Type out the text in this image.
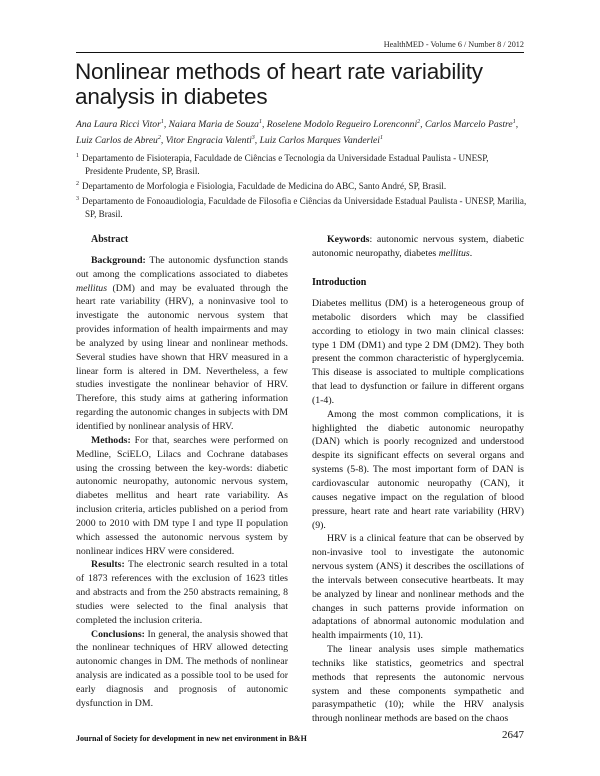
HealthMED - Volume 6 / Number 8 / 2012
Nonlinear methods of heart rate variability analysis in diabetes
Ana Laura Ricci Vitor$^1$, Naiara Maria de Souza$^1$, Roselene Modolo Regueiro Lorenconni$^2$, Carlos Marcelo Pastre$^1$, Luiz Carlos de Abreu$^2$, Vitor Engracia Valenti$^3$, Luiz Carlos Marques Vanderlei$^1$
$^1$ Departamento de Fisioterapia, Faculdade de Ciências e Tecnologia da Universidade Estadual Paulista - UNESP, Presidente Prudente, SP, Brasil.
$^2$ Departamento de Morfologia e Fisiologia, Faculdade de Medicina do ABC, Santo André, SP, Brasil.
$^3$ Departamento de Fonoaudiologia, Faculdade de Filosofia e Ciências da Universidade Estadual Paulista - UNESP, Marilia, SP, Brasil.
Abstract

Background: The autonomic dysfunction stands out among the complications associated to diabetes mellitus (DM) and may be evaluated through the heart rate variability (HRV), a noninvasive tool to investigate the autonomic nervous system that provides information of health impairments and may be analyzed by using linear and nonlinear methods. Several studies have shown that HRV measured in a linear form is altered in DM. Nevertheless, a few studies investigate the nonlinear behavior of HRV. Therefore, this study aims at gathering information regarding the autonomic changes in subjects with DM identified by nonlinear analysis of HRV.

Methods: For that, searches were performed on Medline, SciELO, Lilacs and Cochrane databases using the crossing between the key-words: diabetic autonomic neuropathy, autonomic nervous system, diabetes mellitus and heart rate variability. As inclusion criteria, articles published on a period from 2000 to 2010 with DM type I and type II population which assessed the autonomic nervous system by nonlinear indices HRV were considered.

Results: The electronic search resulted in a total of 1873 references with the exclusion of 1623 titles and abstracts and from the 250 abstracts remaining, 8 studies were selected to the final analysis that completed the inclusion criteria.

Conclusions: In general, the analysis showed that the nonlinear techniques of HRV allowed detecting autonomic changes in DM. The methods of nonlinear analysis are indicated as a possible tool to be used for early diagnosis and prognosis of autonomic dysfunction in DM.

Keywords: autonomic nervous system, diabetic autonomic neuropathy, diabetes mellitus.

Introduction

Diabetes mellitus (DM) is a heterogeneous group of metabolic disorders which may be classified according to etiology in two main clinical classes: type 1 DM (DM1) and type 2 DM (DM2). They both present the common characteristic of hyperglycemia. This disease is associated to multiple complications that lead to dysfunction or failure in different organs (1-4).

Among the most common complications, it is highlighted the diabetic autonomic neuropathy (DAN) which is poorly recognized and understood despite its significant effects on several organs and systems (5-8). The most important form of DAN is cardiovascular autonomic neuropathy (CAN), it causes negative impact on the regulation of blood pressure, heart rate and heart rate variability (HRV) (9).

HRV is a clinical feature that can be observed by non-invasive tool to investigate the autonomic nervous system (ANS) it describes the oscillations of the intervals between consecutive heartbeats. It may be analyzed by linear and nonlinear methods and the changes in such patterns provide information on adaptations of abnormal autonomic modulation and health impairments (10, 11).

The linear analysis uses simple mathematics techniks like statistics, geometrics and spectral methods that represents the autonomic nervous system and these components sympathetic and parasympathetic (10); while the HRV analysis through nonlinear methods are based on the chaos

Journal of Society for development in new net environment in B&H	2647
